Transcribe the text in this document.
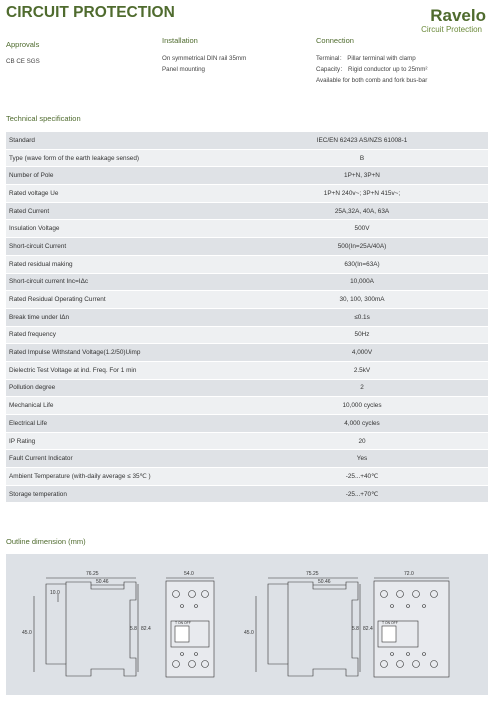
CIRCUIT PROTECTION	Ravelo
Circuit Protection
Approvals
CB CE SGS
Installation
On symmetrical DIN rail 35mm
Panel mounting
Connection
Terminal： Pillar terminal with clamp
Capacity： Rigid conductor up to 25mm²
Available for both comb and fork bus-bar
Technical specification
Standard	IEC/EN 62423 AS/NZS 61008-1
Type (wave form of the earth leakage sensed)	B
Number of Pole	1P+N, 3P+N
Rated voltage Ue	1P+N 240v~; 3P+N 415v~;
Rated Current	25A,32A, 40A, 63A
Insulation Voltage	500V
Short-circuit Current	500(In=25A/40A)
Rated residual making	630(In=63A)
Short-circuit current Inc=IΔc	10,000A
Rated Residual Operating Current	30, 100, 300mA
Break time under IΔn	≤0.1s
Rated frequency	50Hz
Rated Impulse Withstand Voltage(1.2/50)Uimp	4,000V
Dielectric Test Voltage at ind. Freq. For 1 min	2.5kV
Pollution degree	2
Mechanical Life	10,000 cycles
Electrical Life	4,000 cycles
IP Rating	20
Fault Current Indicator	Yes
Ambient Temperature (with-daily average ≤ 35℃ )	-25...+40℃
Storage temperation	-25...+70℃
Outline dimension (mm)
76.25
50.46
10.0
45.0
5.8 82.4
54.0
T ON OFF
75.25
50.46
45.0
5.8 82.4
72.0
T ON OFF
